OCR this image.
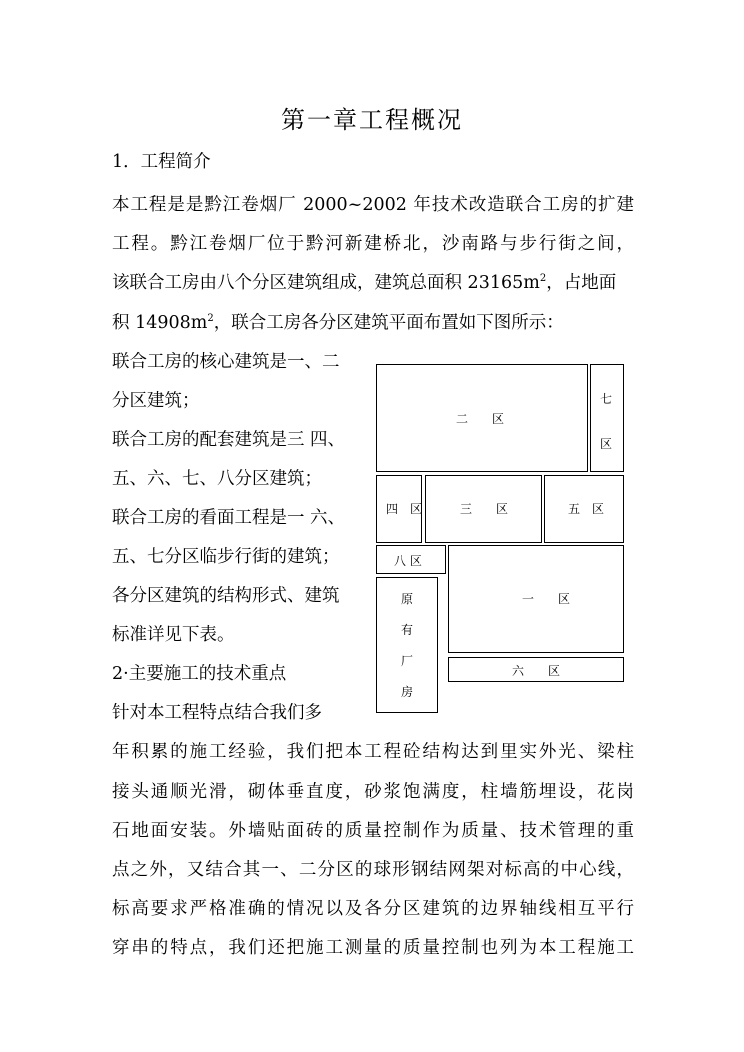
第一章工程概况
1．工程简介
本工程是是黔江卷烟厂 2000~2002 年技术改造联合工房的扩建
工程。黔江卷烟厂位于黔河新建桥北，沙南路与步行街之间，
该联合工房由八个分区建筑组成，建筑总面积 $23165m^2$，占地面
积 $14908m^2$，联合工房各分区建筑平面布置如下图所示：
联合工房的核心建筑是一、二
分区建筑；
联合工房的配套建筑是三 四、
五、六、七、八分区建筑；
联合工房的看面工程是一 六、
五、七分区临步行街的建筑；
各分区建筑的结构形式、建筑
标准详见下表。
2·主要施工的技术重点
针对本工程特点结合我们多
年积累的施工经验，我们把本工程砼结构达到里实外光、梁柱
接头通顺光滑，砌体垂直度，砂浆饱满度，柱墙筋埋设，花岗
石地面安装。外墙贴面砖的质量控制作为质量、技术管理的重
点之外，又结合其一、二分区的球形钢结网架对标高的中心线，
标高要求严格准确的情况以及各分区建筑的边界轴线相互平行
穿串的特点，我们还把施工测量的质量控制也列为本工程施工
二　　区
七
区
四　区	三　　区	五　区
八 区
一　　区
六　　区
原
有
厂
房
